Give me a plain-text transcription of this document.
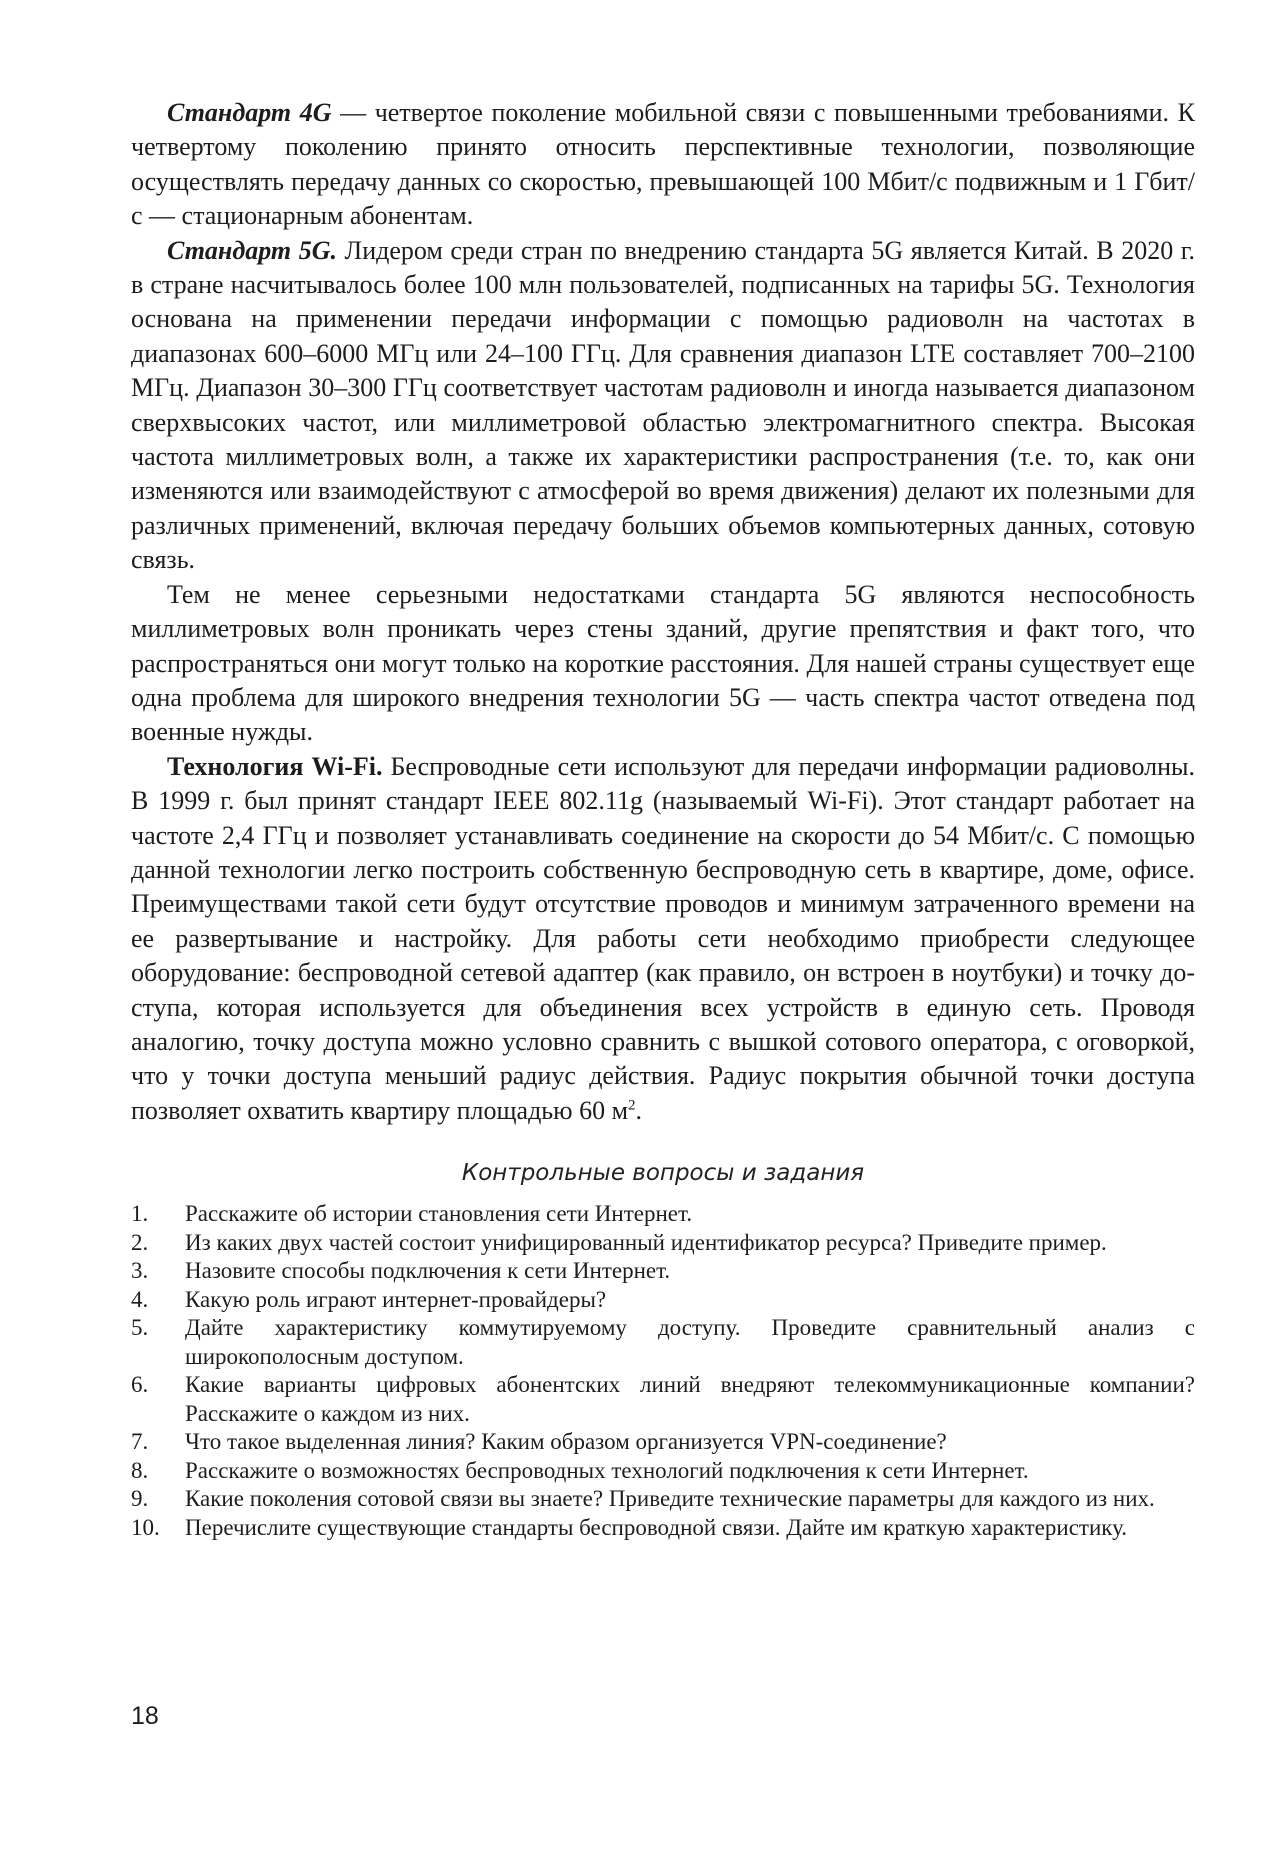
Стандарт 4G — четвертое поколение мобильной связи с повышенными требованиями. К четвертому поколению принято относить перспективные технологии, позволяющие осуществлять передачу данных со скоростью, превышающей 100 Мбит/с подвижным и 1 Гбит/с — стационарным абонентам.

Стандарт 5G. Лидером среди стран по внедрению стандарта 5G является Китай. В 2020 г. в стране насчитывалось более 100 млн пользователей, подписанных на тарифы 5G. Технология основана на применении передачи информации с помощью радиоволн на частотах в диапазонах 600–6000 МГц или 24–100 ГГц. Для сравнения диапазон LTE составляет 700–2100 МГц. Диапазон 30–300 ГГц соответствует частотам радиоволн и иногда называется диапазоном сверхвысоких частот, или миллиметровой областью электромагнитного спектра. Высокая частота миллиметровых волн, а также их характеристики распространения (т.е. то, как они изменяются или взаимодействуют с атмосферой во время движения) делают их полезными для различных применений, включая передачу больших объемов компьютерных данных, сотовую связь.

Тем не менее серьезными недостатками стандарта 5G являются неспособность миллиметровых волн проникать через стены зданий, другие препятствия и факт того, что распространяться они могут только на короткие расстояния. Для нашей страны существует еще одна проблема для широкого внедрения технологии 5G — часть спектра частот отведена под военные нужды.

Технология Wi-Fi. Беспроводные сети используют для передачи информации радиоволны. В 1999 г. был принят стандарт IEEE 802.11g (называемый Wi-Fi). Этот стандарт работает на частоте 2,4 ГГц и позволяет устанавливать соединение на скорости до 54 Мбит/с. С помощью данной технологии легко построить собственную беспроводную сеть в квартире, доме, офисе. Преимуществами такой сети будут отсутствие проводов и минимум затраченного времени на ее развертывание и настройку. Для работы сети необходимо приобрести следующее оборудование: беспроводной сетевой адаптер (как правило, он встроен в ноутбуки) и точку доступа, которая используется для объединения всех устройств в единую сеть. Проводя аналогию, точку доступа можно условно сравнить с вышкой сотового оператора, с оговоркой, что у точки доступа меньший радиус действия. Радиус покрытия обычной точки доступа позволяет охватить квартиру площадью 60 $м^2$.

Контрольные вопросы и задания
1.	Расскажите об истории становления сети Интернет.
2.	Из каких двух частей состоит унифицированный идентификатор ресурса? Приведите пример.
3.	Назовите способы подключения к сети Интернет.
4.	Какую роль играют интернет-провайдеры?
5.	Дайте характеристику коммутируемому доступу. Проведите сравнительный анализ с широкополосным доступом.
6.	Какие варианты цифровых абонентских линий внедряют телекоммуникационные компании? Расскажите о каждом из них.
7.	Что такое выделенная линия? Каким образом организуется VPN-соединение?
8.	Расскажите о возможностях беспроводных технологий подключения к сети Интернет.
9.	Какие поколения сотовой связи вы знаете? Приведите технические параметры для каждого из них.
10.	Перечислите существующие стандарты беспроводной связи. Дайте им краткую характеристику.
18
